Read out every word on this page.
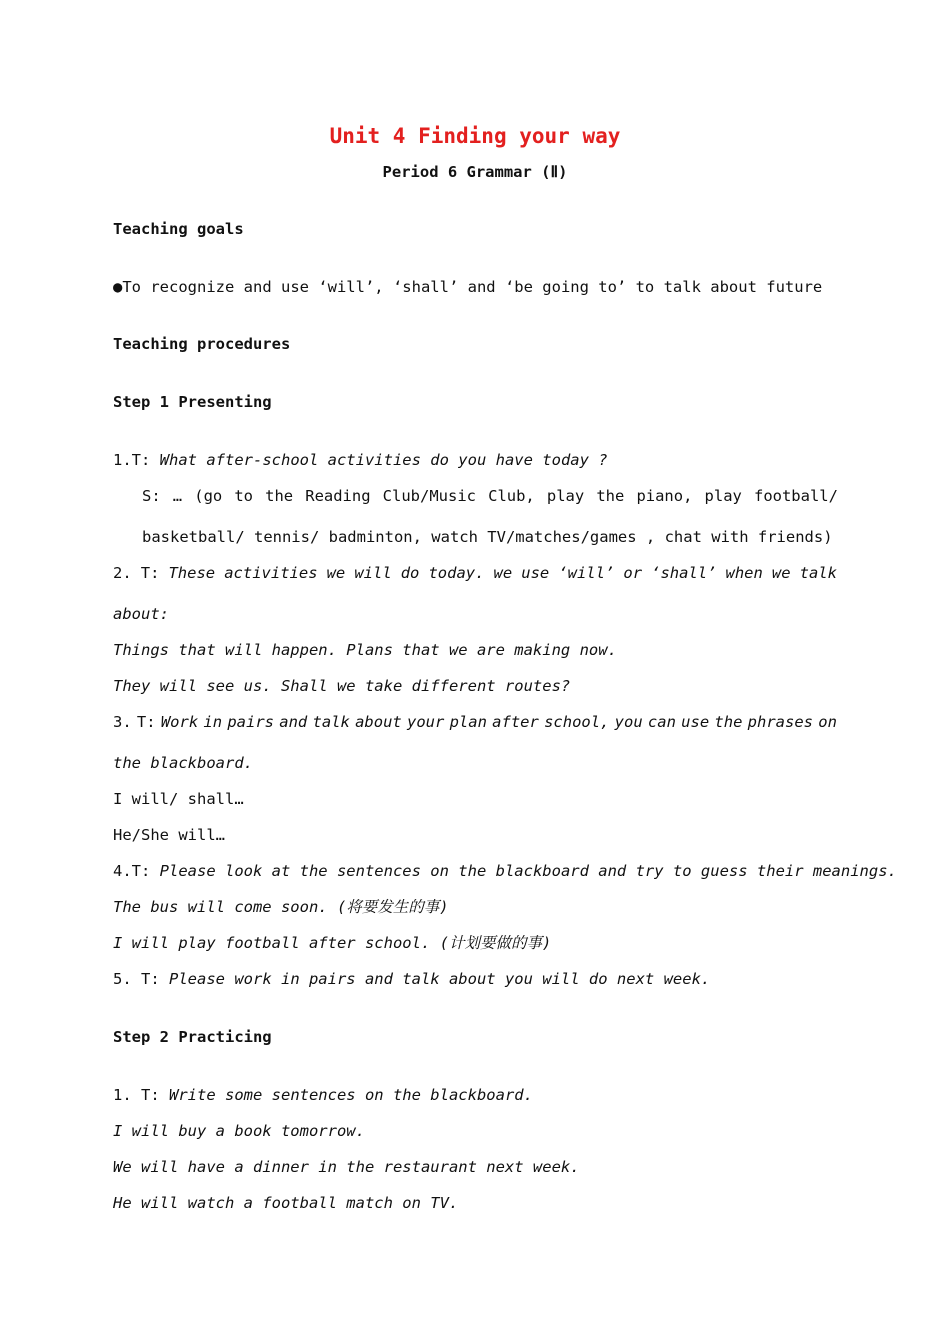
Unit 4 Finding your way
Period 6 Grammar (Ⅱ)

Teaching goals

●To recognize and use ‘will’, ‘shall’ and ‘be going to’ to talk about future

Teaching procedures

Step 1 Presenting

1.T: What after-school activities do you have today ?

S: … (go to the Reading Club/Music Club, play the piano, play football/

basketball/ tennis/ badminton, watch TV/matches/games , chat with friends)

2. T: These activities we will do today. we use ‘will’ or ‘shall’ when we talk

about:

Things that will happen. Plans that we are making now.

They will see us. Shall we take different routes?

3. T: Work in pairs and talk about your plan after school, you can use the phrases on

the blackboard.

I will/ shall…

He/She will…

4.T: Please look at the sentences on the blackboard and try to guess their meanings.

The bus will come soon. (将要发生的事)

I will play football after school. (计划要做的事)

5. T: Please work in pairs and talk about you will do next week.

Step 2 Practicing

1. T: Write some sentences on the blackboard.

I will buy a book tomorrow.

We will have a dinner in the restaurant next week.

He will watch a football match on TV.
